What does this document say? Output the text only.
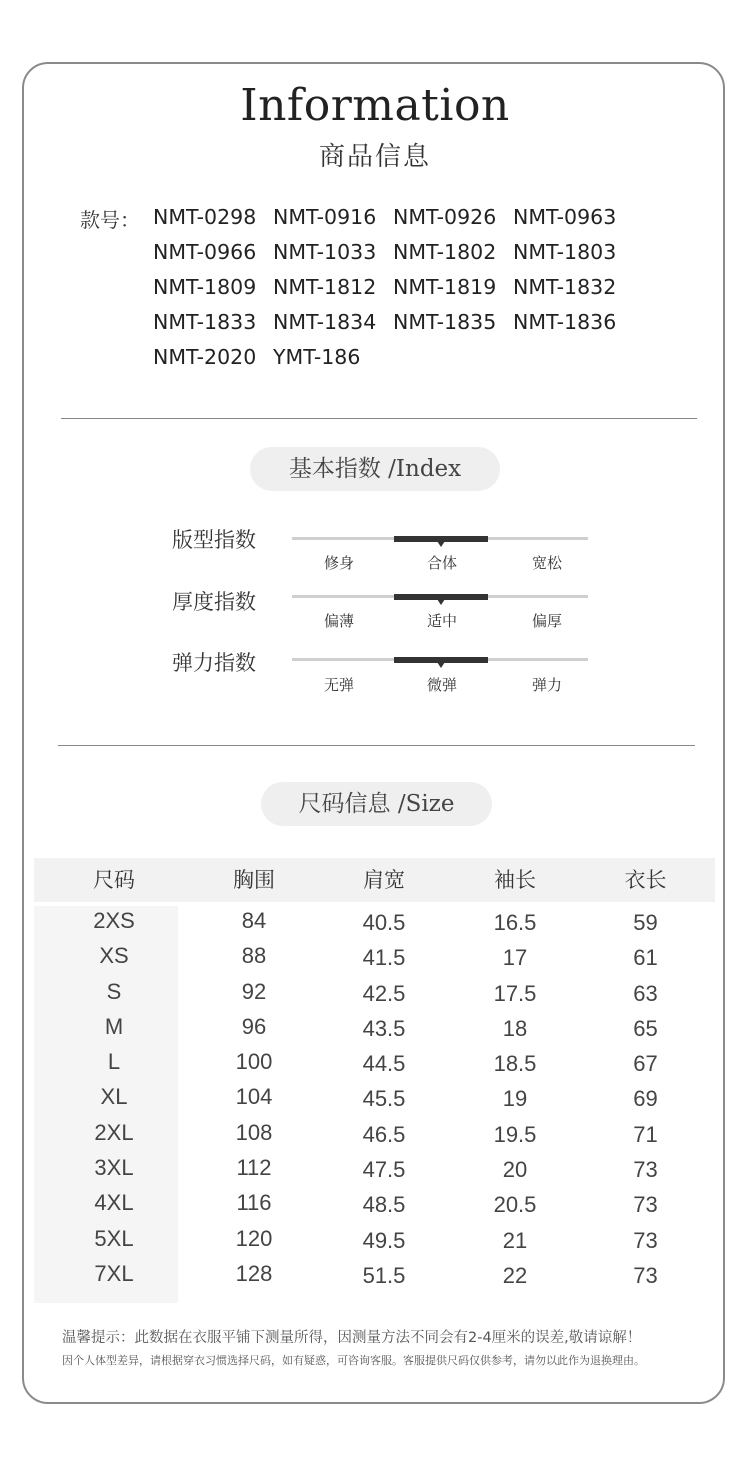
Information
商品信息
款号： NMT-0298 NMT-0916 NMT-0926 NMT-0963
NMT-0966 NMT-1033 NMT-1802 NMT-1803
NMT-1809 NMT-1812 NMT-1819 NMT-1832
NMT-1833 NMT-1834 NMT-1835 NMT-1836
NMT-2020 YMT-186
基本指数 /Index
版型指数
修身	合体	宽松
厚度指数
偏薄	适中	偏厚
弹力指数
无弹	微弹	弹力
尺码信息 /Size
尺码	胸围	肩宽	袖长	衣长
2XS	84	40.5	16.5	59
XS	88	41.5	17	61
S	92	42.5	17.5	63
M	96	43.5	18	65
L	100	44.5	18.5	67
XL	104	45.5	19	69
2XL	108	46.5	19.5	71
3XL	112	47.5	20	73
4XL	116	48.5	20.5	73
5XL	120	49.5	21	73
7XL	128	51.5	22	73
温馨提示：此数据在衣服平铺下测量所得，因测量方法不同会有2-4厘米的误差,敬请谅解！
因个人体型差异，请根据穿衣习惯选择尺码，如有疑惑，可咨询客服。客服提供尺码仅供参考，请勿以此作为退换理由。
